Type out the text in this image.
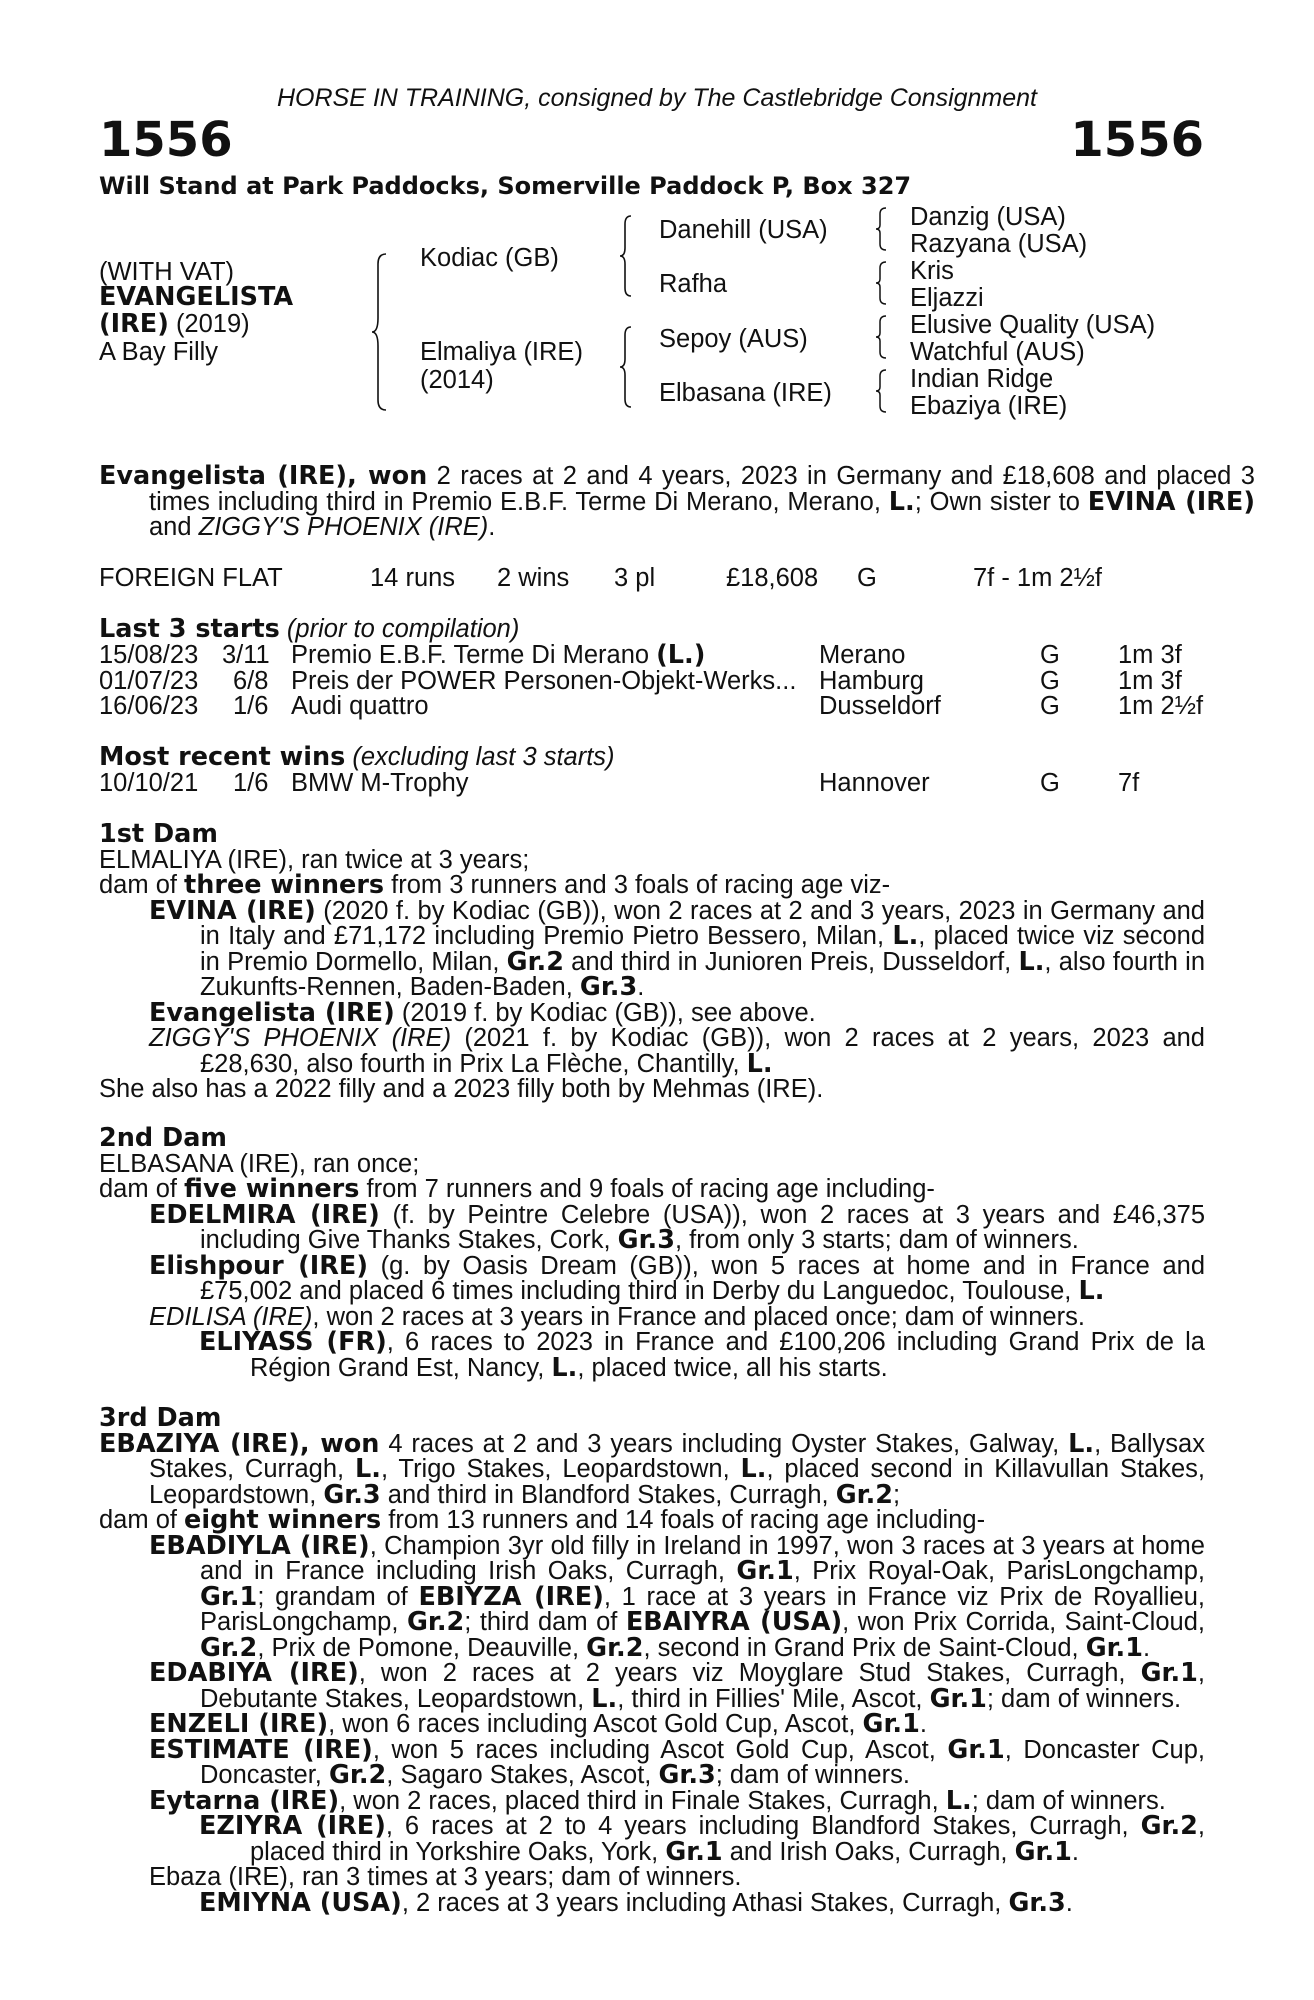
HORSE IN TRAINING, consigned by The Castlebridge Consignment
1556	1556
Will Stand at Park Paddocks, Somerville Paddock P, Box 327
(WITH VAT)
EVANGELISTA
(IRE) (2019)
A Bay Filly
Kodiac (GB)
Elmaliya (IRE)
(2014)
Danehill (USA)
Rafha
Sepoy (AUS)
Elbasana (IRE)
Danzig (USA)
Razyana (USA)
Kris
Eljazzi
Elusive Quality (USA)
Watchful (AUS)
Indian Ridge
Ebaziya (IRE)
Evangelista (IRE), won 2 races at 2 and 4 years, 2023 in Germany and £18,608 and placed 3 times including third in Premio E.B.F. Terme Di Merano, Merano, L.; Own sister to EVINA (IRE) and ZIGGY'S PHOENIX (IRE).
FOREIGN FLAT	14 runs 2 wins 3 pl	£18,608 G	7f - 1m 2½f
Last 3 starts (prior to compilation)
15/08/23 3/11 Premio E.B.F. Terme Di Merano (L.)	Merano	G 1m 3f
01/07/23 6/8 Preis der POWER Personen-Objekt-Werks... Hamburg	G 1m 3f
16/06/23 1/6 Audi quattro	Dusseldorf	G 1m 2½f
Most recent wins (excluding last 3 starts)
10/10/21 1/6 BMW M-Trophy	Hannover	G 7f
1st Dam
ELMALIYA (IRE), ran twice at 3 years;
dam of three winners from 3 runners and 3 foals of racing age viz-
EVINA (IRE) (2020 f. by Kodiac (GB)), won 2 races at 2 and 3 years, 2023 in Germany and in Italy and £71,172 including Premio Pietro Bessero, Milan, L., placed twice viz second in Premio Dormello, Milan, Gr.2 and third in Junioren Preis, Dusseldorf, L., also fourth in Zukunfts-Rennen, Baden-Baden, Gr.3.
Evangelista (IRE) (2019 f. by Kodiac (GB)), see above.
ZIGGY'S PHOENIX (IRE) (2021 f. by Kodiac (GB)), won 2 races at 2 years, 2023 and £28,630, also fourth in Prix La Flèche, Chantilly, L.
She also has a 2022 filly and a 2023 filly both by Mehmas (IRE).
2nd Dam
ELBASANA (IRE), ran once;
dam of five winners from 7 runners and 9 foals of racing age including-
EDELMIRA (IRE) (f. by Peintre Celebre (USA)), won 2 races at 3 years and £46,375 including Give Thanks Stakes, Cork, Gr.3, from only 3 starts; dam of winners.
Elishpour (IRE) (g. by Oasis Dream (GB)), won 5 races at home and in France and £75,002 and placed 6 times including third in Derby du Languedoc, Toulouse, L.
EDILISA (IRE), won 2 races at 3 years in France and placed once; dam of winners.
ELIYASS (FR), 6 races to 2023 in France and £100,206 including Grand Prix de la Région Grand Est, Nancy, L., placed twice, all his starts.
3rd Dam
EBAZIYA (IRE), won 4 races at 2 and 3 years including Oyster Stakes, Galway, L., Ballysax Stakes, Curragh, L., Trigo Stakes, Leopardstown, L., placed second in Killavullan Stakes, Leopardstown, Gr.3 and third in Blandford Stakes, Curragh, Gr.2;
dam of eight winners from 13 runners and 14 foals of racing age including-
EBADIYLA (IRE), Champion 3yr old filly in Ireland in 1997, won 3 races at 3 years at home and in France including Irish Oaks, Curragh, Gr.1, Prix Royal-Oak, ParisLongchamp, Gr.1; grandam of EBIYZA (IRE), 1 race at 3 years in France viz Prix de Royallieu, ParisLongchamp, Gr.2; third dam of EBAIYRA (USA), won Prix Corrida, Saint-Cloud, Gr.2, Prix de Pomone, Deauville, Gr.2, second in Grand Prix de Saint-Cloud, Gr.1.
EDABIYA (IRE), won 2 races at 2 years viz Moyglare Stud Stakes, Curragh, Gr.1, Debutante Stakes, Leopardstown, L., third in Fillies' Mile, Ascot, Gr.1; dam of winners.
ENZELI (IRE), won 6 races including Ascot Gold Cup, Ascot, Gr.1.
ESTIMATE (IRE), won 5 races including Ascot Gold Cup, Ascot, Gr.1, Doncaster Cup, Doncaster, Gr.2, Sagaro Stakes, Ascot, Gr.3; dam of winners.
Eytarna (IRE), won 2 races, placed third in Finale Stakes, Curragh, L.; dam of winners.
EZIYRA (IRE), 6 races at 2 to 4 years including Blandford Stakes, Curragh, Gr.2, placed third in Yorkshire Oaks, York, Gr.1 and Irish Oaks, Curragh, Gr.1.
Ebaza (IRE), ran 3 times at 3 years; dam of winners.
EMIYNA (USA), 2 races at 3 years including Athasi Stakes, Curragh, Gr.3.
